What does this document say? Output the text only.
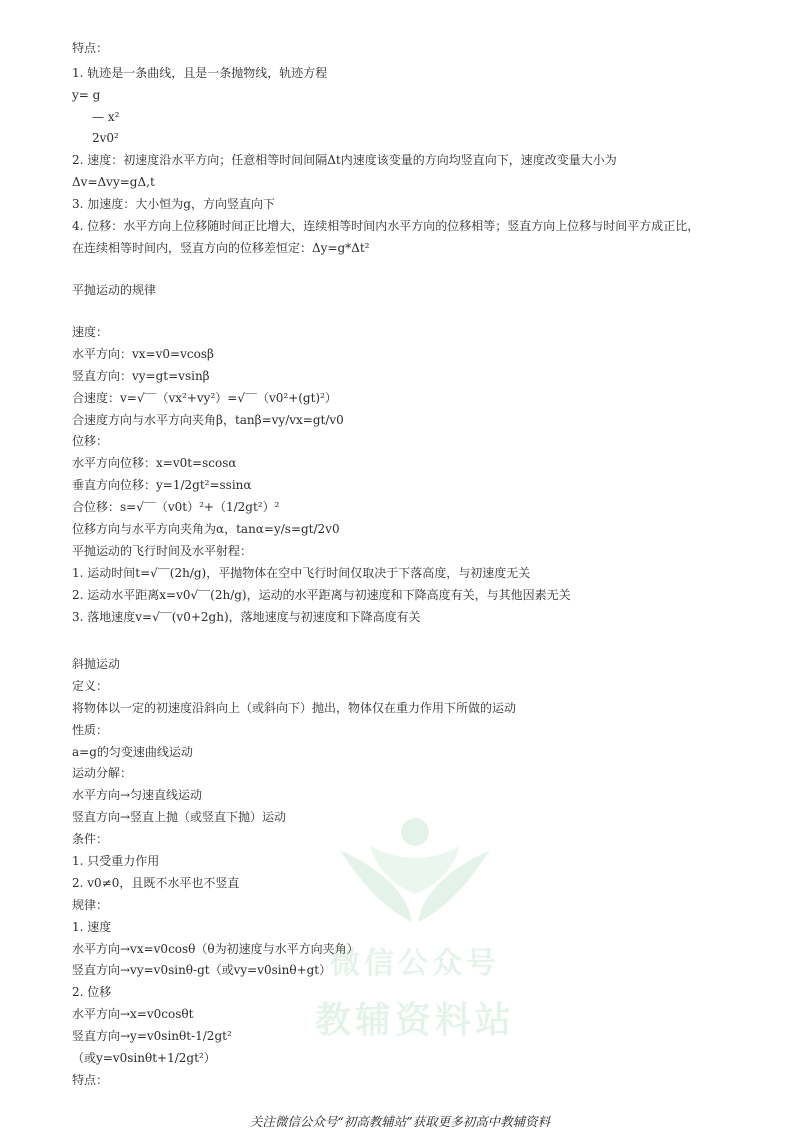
特点：
1. 轨迹是一条曲线，且是一条抛物线，轨迹方程
y= g
— x²
2v0²
2. 速度：初速度沿水平方向；任意相等时间间隔Δt内速度该变量的方向均竖直向下，速度改变量大小为
Δv=Δvy=gΔ,t
3. 加速度：大小恒为g，方向竖直向下
4. 位移：水平方向上位移随时间正比增大，连续相等时间内水平方向的位移相等；竖直方向上位移与时间平方成正比，
在连续相等时间内，竖直方向的位移差恒定：Δy=g*Δt²
平抛运动的规律
速度：
水平方向：vx=v0=vcosβ
竖直方向：vy=gt=vsinβ
合速度：v=√‾‾（vx²+vy²）=√‾‾（v0²+(gt)²）
合速度方向与水平方向夹角β，tanβ=vy/vx=gt/v0
位移：
水平方向位移：x=v0t=scosα
垂直方向位移：y=1/2gt²=ssinα
合位移：s=√‾‾（v0t）²+（1/2gt²）²
位移方向与水平方向夹角为α，tanα=y/s=gt/2v0
平抛运动的飞行时间及水平射程：
1. 运动时间t=√‾‾(2h/g)，平抛物体在空中飞行时间仅取决于下落高度，与初速度无关
2. 运动水平距离x=v0√‾‾(2h/g)，运动的水平距离与初速度和下降高度有关，与其他因素无关
3. 落地速度v=√‾‾(v0+2gh)，落地速度与初速度和下降高度有关
斜抛运动
定义：
将物体以一定的初速度沿斜向上（或斜向下）抛出，物体仅在重力作用下所做的运动
性质：
a=g的匀变速曲线运动
运动分解：
水平方向→匀速直线运动
竖直方向→竖直上抛（或竖直下抛）运动
条件：
1. 只受重力作用
2. v0≠0，且既不水平也不竖直
规律：
1. 速度
水平方向→vx=v0cosθ（θ为初速度与水平方向夹角）
竖直方向→vy=v0sinθ-gt（或vy=v0sinθ+gt）
2. 位移
水平方向→x=v0cosθt
竖直方向→y=v0sinθt-1/2gt²
（或y=v0sinθt+1/2gt²）
特点：
微信公众号
教辅资料站
关注微信公众号“初高教辅站”获取更多初高中教辅资料
